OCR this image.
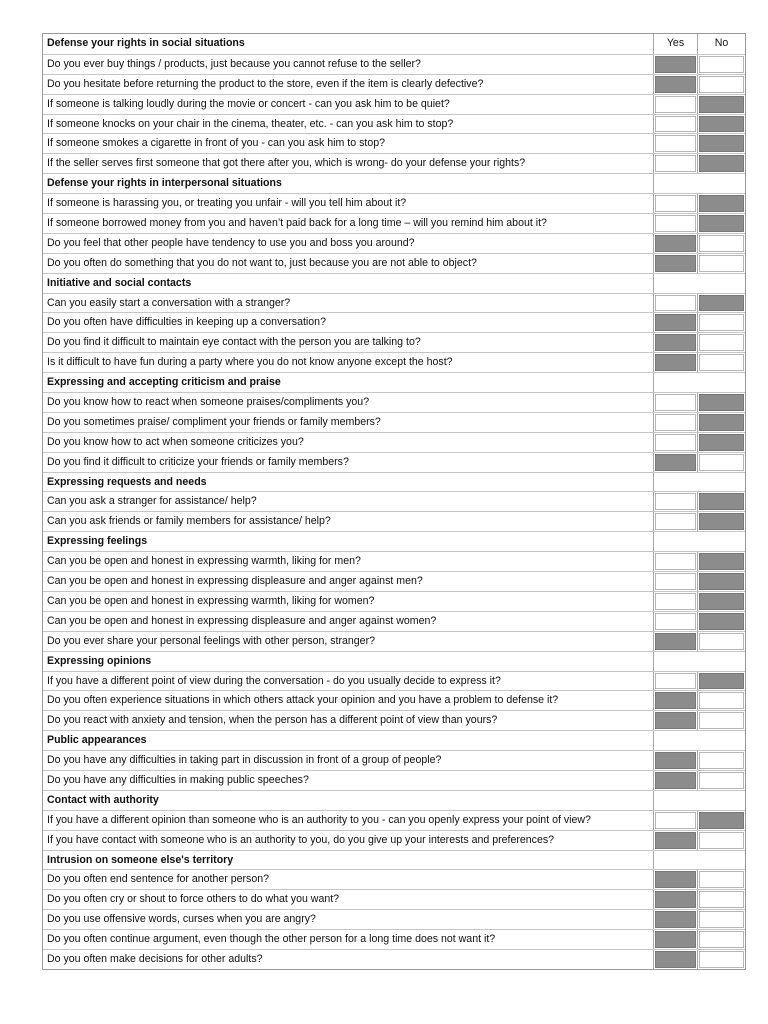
Defense your rights in social situations	Yes	No
Do you ever buy things / products, just because you cannot refuse to the seller?
Do you hesitate before returning the product to the store, even if the item is clearly defective?
If someone is talking loudly during the movie or concert - can you ask him to be quiet?
If someone knocks on your chair in the cinema, theater, etc. - can you ask him to stop?
If someone smokes a cigarette in front of you - can you ask him to stop?
If the seller serves first someone that got there after you, which is wrong- do your defense your rights?
Defense your rights in interpersonal situations
If someone is harassing you, or treating you unfair - will you tell him about it?
If someone borrowed money from you and haven’t paid back for a long time – will you remind him about it?
Do you feel that other people have tendency to use you and boss you around?
Do you often do something that you do not want to, just because you are not able to object?
Initiative and social contacts
Can you easily start a conversation with a stranger?
Do you often have difficulties in keeping up a conversation?
Do you find it difficult to maintain eye contact with the person you are talking to?
Is it difficult to have fun during a party where you do not know anyone except the host?
Expressing and accepting criticism and praise
Do you know how to react when someone praises/compliments you?
Do you sometimes praise/ compliment your friends or family members?
Do you know how to act when someone criticizes you?
Do you find it difficult to criticize your friends or family members?
Expressing requests and needs
Can you ask a stranger for assistance/ help?
Can you ask friends or family members for assistance/ help?
Expressing feelings
Can you be open and honest in expressing warmth, liking for men?
Can you be open and honest in expressing displeasure and anger against men?
Can you be open and honest in expressing warmth, liking for women?
Can you be open and honest in expressing displeasure and anger against women?
Do you ever share your personal feelings with other person, stranger?
Expressing opinions
If you have a different point of view during the conversation - do you usually decide to express it?
Do you often experience situations in which others attack your opinion and you have a problem to defense it?
Do you react with anxiety and tension, when the person has a different point of view than yours?
Public appearances
Do you have any difficulties in taking part in discussion in front of a group of people?
Do you have any difficulties in making public speeches?
Contact with authority
If you have a different opinion than someone who is an authority to you - can you openly express your point of view?
If you have contact with someone who is an authority to you, do you give up your interests and preferences?
Intrusion on someone else's territory
Do you often end sentence for another person?
Do you often cry or shout to force others to do what you want?
Do you use offensive words, curses when you are angry?
Do you often continue argument, even though the other person for a long time does not want it?
Do you often make decisions for other adults?
